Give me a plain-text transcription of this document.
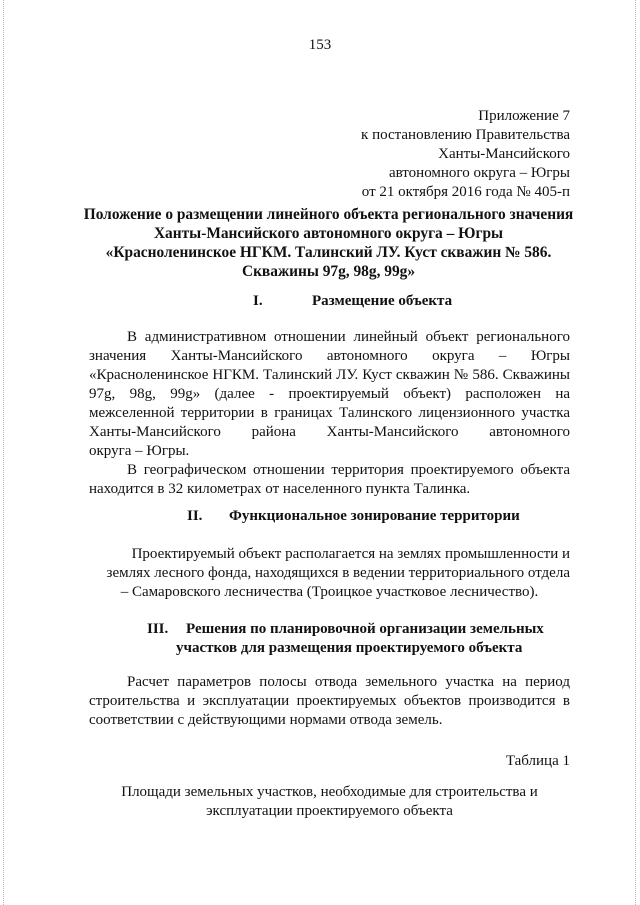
153
Приложение 7
к постановлению Правительства
Ханты-Мансийского
автономного округа – Югры
от 21 октября 2016 года № 405-п
Положение о размещении линейного объекта регионального значения
Ханты-Мансийского автономного округа – Югры
«Красноленинское НГКМ. Талинский ЛУ. Куст скважин № 586.
Скважины 97g, 98g, 99g»
I.	Размещение объекта
В административном отношении линейный объект регионального
значения Ханты-Мансийского автономного округа – Югры
«Красноленинское НГКМ. Талинский ЛУ. Куст скважин № 586. Скважины
97g, 98g, 99g» (далее - проектируемый объект) расположен на
межселенной территории в границах Талинского лицензионного участка
Ханты-Мансийского района Ханты-Мансийского автономного
округа – Югры.
В географическом отношении территория проектируемого объекта
находится в 32 километрах от населенного пункта Талинка.
II. Функциональное зонирование территории
Проектируемый объект располагается на землях промышленности и
землях лесного фонда, находящихся в ведении территориального отдела
– Самаровского лесничества (Троицкое участковое лесничество).
III. Решения по планировочной организации земельных
участков для размещения проектируемого объекта
Расчет параметров полосы отвода земельного участка на период
строительства и эксплуатации проектируемых объектов производится в
соответствии с действующими нормами отвода земель.
Таблица 1
Площади земельных участков, необходимые для строительства и
эксплуатации проектируемого объекта
